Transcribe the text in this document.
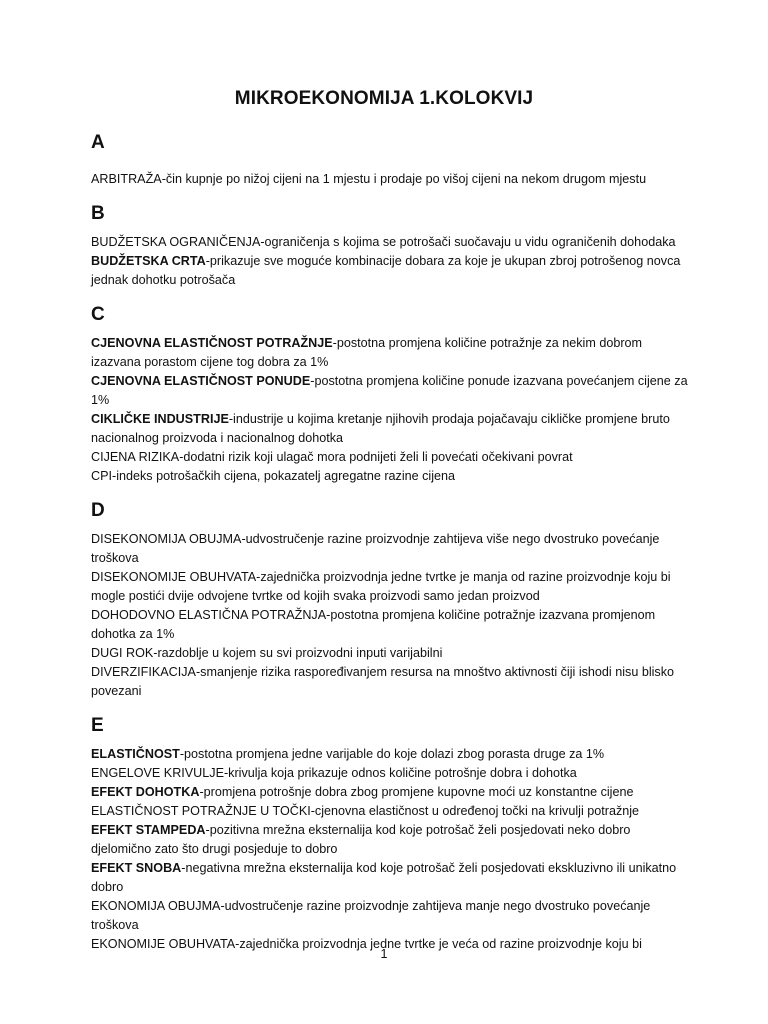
MIKROEKONOMIJA 1.KOLOKVIJ
A

ARBITRAŽA-čin kupnje po nižoj cijeni na 1 mjestu i prodaje po višoj cijeni na nekom drugom mjestu

B

BUDŽETSKA OGRANIČENJA-ograničenja s kojima se potrošači suočavaju u vidu ograničenih dohodaka

BUDŽETSKA CRTA-prikazuje sve moguće kombinacije dobara za koje je ukupan zbroj potrošenog novca jednak dohotku potrošača

C

CJENOVNA ELASTIČNOST POTRAŽNJE-postotna promjena količine potražnje za nekim dobrom izazvana porastom cijene tog dobra za 1%

CJENOVNA ELASTIČNOST PONUDE-postotna promjena količine ponude izazvana povećanjem cijene za 1%

CIKLIČKE INDUSTRIJE-industrije u kojima kretanje njihovih prodaja pojačavaju cikličke promjene bruto nacionalnog proizvoda i nacionalnog dohotka

CIJENA RIZIKA-dodatni rizik koji ulagač mora podnijeti želi li povećati očekivani povrat

CPI-indeks potrošačkih cijena, pokazatelj agregatne razine cijena

D

DISEKONOMIJA OBUJMA-udvostručenje razine proizvodnje zahtijeva više nego dvostruko povećanje troškova

DISEKONOMIJE OBUHVATA-zajednička proizvodnja jedne tvrtke je manja od razine proizvodnje koju bi mogle postići dvije odvojene tvrtke od kojih svaka proizvodi samo jedan proizvod

DOHODOVNO ELASTIČNA POTRAŽNJA-postotna promjena količine potražnje izazvana promjenom dohotka za 1%

DUGI ROK-razdoblje u kojem su svi proizvodni inputi varijabilni

DIVERZIFIKACIJA-smanjenje rizika raspoređivanjem resursa na mnoštvo aktivnosti čiji ishodi nisu blisko povezani

E

ELASTIČNOST-postotna promjena jedne varijable do koje dolazi zbog porasta druge za 1%

ENGELOVE KRIVULJE-krivulja koja prikazuje odnos količine potrošnje dobra i dohotka

EFEKT DOHOTKA-promjena potrošnje dobra zbog promjene kupovne moći uz konstantne cijene

ELASTIČNOST POTRAŽNJE U TOČKI-cjenovna elastičnost u određenoj točki na krivulji potražnje

EFEKT STAMPEDA-pozitivna mrežna eksternalija kod koje potrošač želi posjedovati neko dobro djelomično zato što drugi posjeduje to dobro

EFEKT SNOBA-negativna mrežna eksternalija kod koje potrošač želi posjedovati ekskluzivno ili unikatno dobro

EKONOMIJA OBUJMA-udvostručenje razine proizvodnje zahtijeva manje nego dvostruko povećanje troškova

EKONOMIJE OBUHVATA-zajednička proizvodnja jedne tvrtke je veća od razine proizvodnje koju bi

1
